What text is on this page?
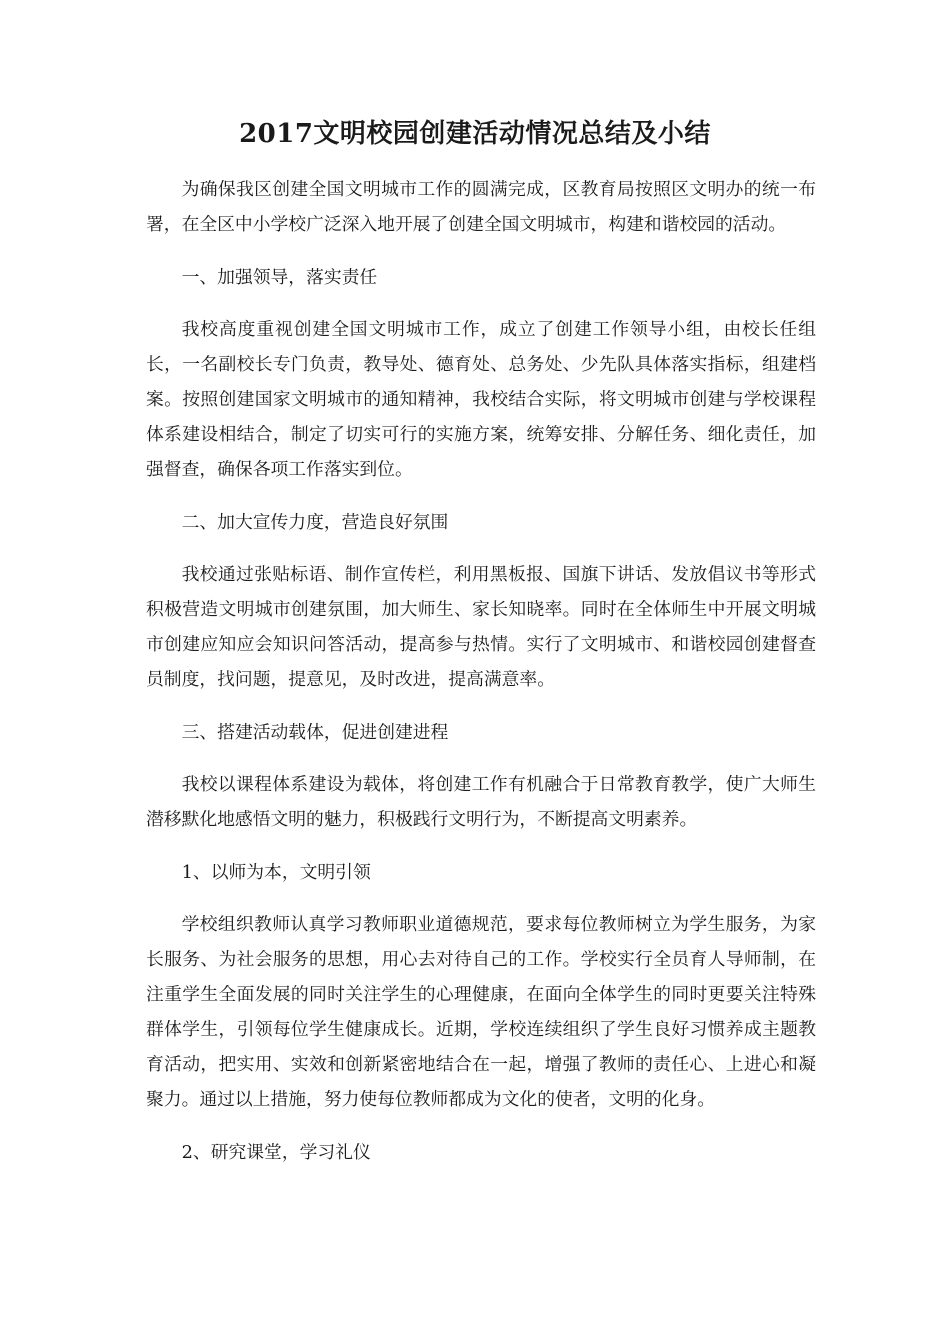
2017文明校园创建活动情况总结及小结

为确保我区创建全国文明城市工作的圆满完成，区教育局按照区文明办的统一布署，在全区中小学校广泛深入地开展了创建全国文明城市，构建和谐校园的活动。

一、加强领导，落实责任

我校高度重视创建全国文明城市工作，成立了创建工作领导小组，由校长任组长，一名副校长专门负责，教导处、德育处、总务处、少先队具体落实指标，组建档案。按照创建国家文明城市的通知精神，我校结合实际，将文明城市创建与学校课程体系建设相结合，制定了切实可行的实施方案，统筹安排、分解任务、细化责任，加强督查，确保各项工作落实到位。

二、加大宣传力度，营造良好氛围

我校通过张贴标语、制作宣传栏，利用黑板报、国旗下讲话、发放倡议书等形式积极营造文明城市创建氛围，加大师生、家长知晓率。同时在全体师生中开展文明城市创建应知应会知识问答活动，提高参与热情。实行了文明城市、和谐校园创建督查员制度，找问题，提意见，及时改进，提高满意率。

三、搭建活动载体，促进创建进程

我校以课程体系建设为载体，将创建工作有机融合于日常教育教学，使广大师生潜移默化地感悟文明的魅力，积极践行文明行为，不断提高文明素养。

1、以师为本，文明引领

学校组织教师认真学习教师职业道德规范，要求每位教师树立为学生服务，为家长服务、为社会服务的思想，用心去对待自己的工作。学校实行全员育人导师制，在注重学生全面发展的同时关注学生的心理健康，在面向全体学生的同时更要关注特殊群体学生，引领每位学生健康成长。近期，学校连续组织了学生良好习惯养成主题教育活动，把实用、实效和创新紧密地结合在一起，增强了教师的责任心、上进心和凝聚力。通过以上措施，努力使每位教师都成为文化的使者，文明的化身。

2、研究课堂，学习礼仪
